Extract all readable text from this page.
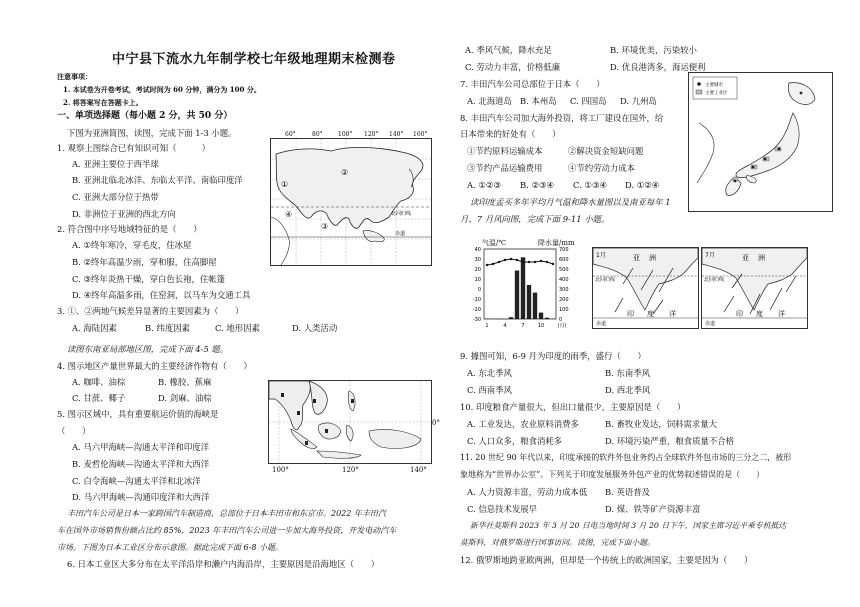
中宁县下流水九年制学校七年级地理期末检测卷
注意事项：
1. 本试卷为开卷考试，考试时间为 60 分钟，满分为 100 分。
2. 将答案写在答题卡上。
一、单项选择题（每小题 2 分，共 50 分）
下图为亚洲简图，读图，完成下面 1-3 小题。
1. 观察上图综合已有知识可知（　　　）
A. 亚洲主要位于西半球
B. 亚洲北临北冰洋、东临太平洋、南临印度洋
C. 亚洲大部分位于热带
D. 非洲位于亚洲的西北方向
2. 符合图中序号地域特征的是（　　）
A. ①终年寒冷，穿毛皮，住冰屋
B. ②终年高温少雨，穿和服，住高脚屋
C. ③终年炎热干燥，穿白色长袍，住帐篷
D. ④终年高温多雨，住窑洞，以马车为交通工具
3. ①、②两地气候差异显著的主要因素为（　　）
A. 海陆因素	B. 纬度因素	C. 地形因素	D. 人类活动
读图东南亚局部地区图，完成下面 4-5 题。
4. 图示地区产量世界最大的主要经济作物有（　　）
A. 咖啡、油棕	B. 橡胶、蕉麻
C. 甘蔗、椰子	D. 剑麻、油棕
5. 图示区域中，具有重要航运价值的海峡是
（　　）
A. 马六甲海峡—沟通太平洋和印度洋
B. 麦哲伦海峡—沟通太平洋和大西洋
C. 白令海峡—沟通太平洋和北冰洋
D. 马六甲海峡—沟通印度洋和大西洋
丰田汽车公司是日本一家跨国汽车制造商，总部位于日本丰田市和东京市。2022 年丰田汽
车在国外市场销售份额占比约 85%，2023 年丰田汽车公司进一步加大海外投资，开发电动汽车
市场。下图为日本工业区分布示意图。据此完成下面 6-8 小题。
6. 日本工业区大多分布在太平洋沿岸和濑户内海沿岸，主要原因是沿海地区（　　）
①
②
③
④	北回归线
赤道
60°	80°	100° 120° 140° 160°
100°	120°	140°
0°
A. 季风气候，降水充足	B. 环境优美，污染较小
C. 劳动力丰富，价格低廉	D. 优良港湾多，海运便利
7. 丰田汽车公司总部位于日本（　　）
A. 北海道岛 B. 本州岛 C. 四国岛 D. 九州岛
8. 丰田汽车公司加大海外投资，将工厂建设在国外，给
日本带来的好处有（　　）
①节约原料运输成本	②解决资金短缺问题
③节约产品运输费用	④节约劳动力成本
A. ①②③ B. ②③④ C. ①③④ D. ①②④
读印度孟买多年平均月气温和降水量图以及南亚每年 1
月、7 月风向图，完成下面 9-11 小题。
主要城市
主要工业区
气温/℃	降水量/mm
40
30
20
10
0
-10
-20
-30
700
600
500
400
300
200
100
0
1	4	7	10	(月)
1月	亚 洲
北回归线
印 度 洋
赤道
7月	亚 洲
北回归线
印 度 洋
赤道
9. 據图可知，6-9 月为印度的雨季，盛行（　　）
A. 东北季风	B. 东南季风
C. 西南季风	D. 西北季风
10. 印度粮食产量很大，但出口量很少，主要原因是（　　）
A. 工业发达，农业原料消费多	B. 畜牧业发达，饲料需求量大
C. 人口众多，粮食消耗多	D. 环境污染严重，粮食质量不合格
11. 20 世纪 90 年代以来，印度承接的软件外包业务约占全球软件外包市场的三分之二，被形
象地称为“世界办公室”。下列关于印度发展服务外包产业的优势叙述错误的是（　　）
A. 人力资源丰富，劳动力成本低 B. 英语普及
C. 信息技术发展早	D. 煤、铁等矿产资源丰富
新华社莫斯科 2023 年 3 月 20 日电当地时间 3 月 20 日下午，国家主席习近平乘专机抵达
莫斯科，对俄罗斯进行国事访问。读图，完成下面小题。
12. 俄罗斯地跨亚欧两洲，但却是一个传统上的欧洲国家，主要是因为（　　）
